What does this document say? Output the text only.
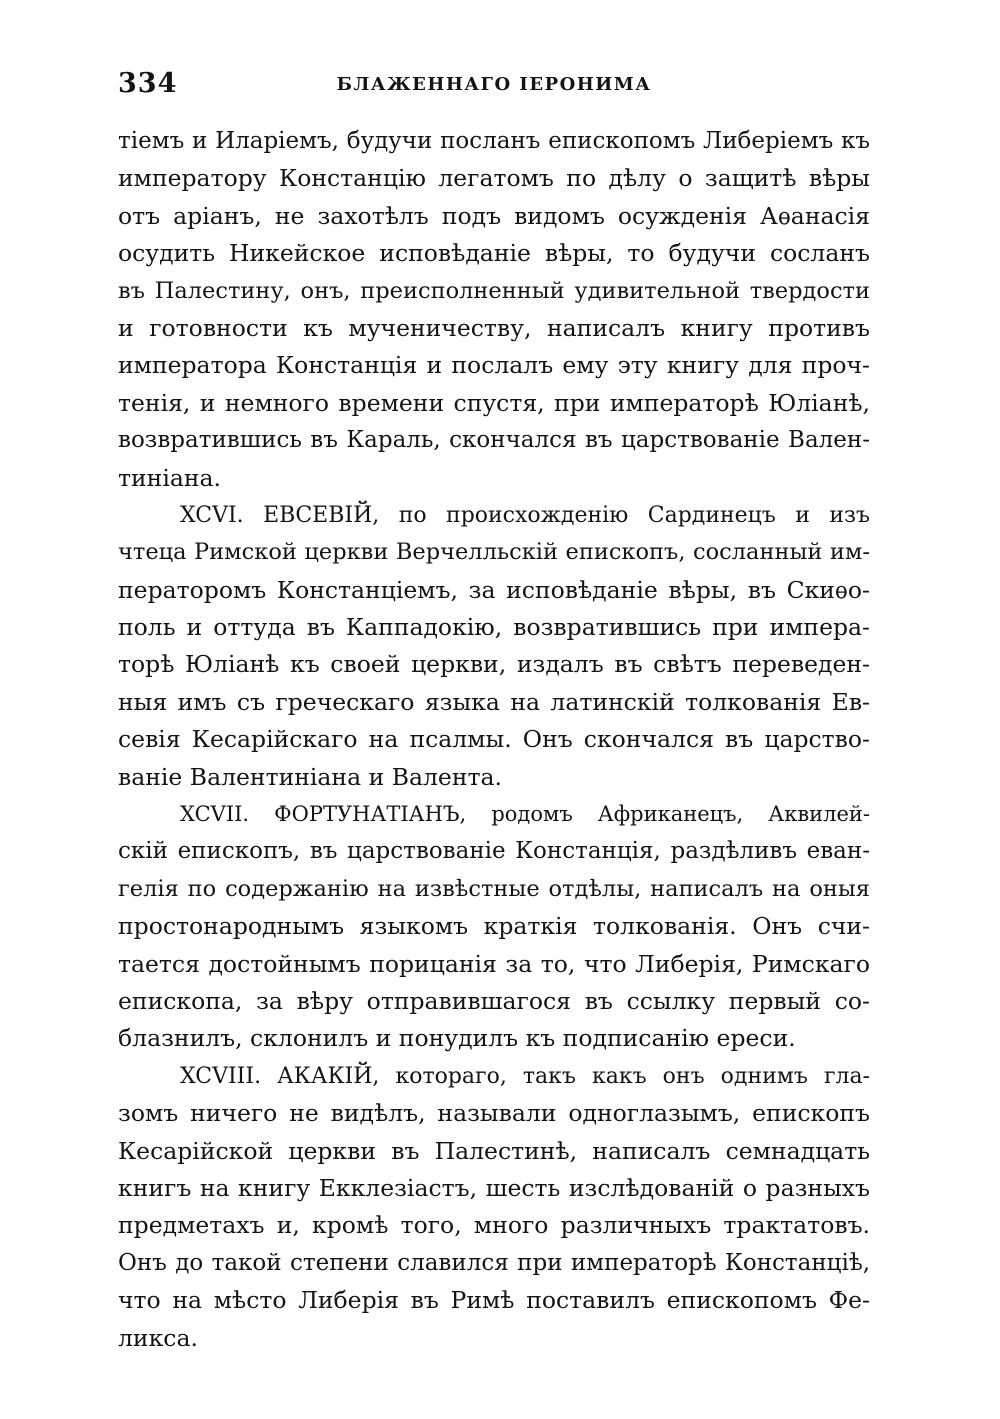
334	БЛАЖЕННАГО ІЕРОНИМА
тіемъ и Иларіемъ, будучи посланъ епископомъ Либеріемъ къ
императору Констанцію легатомъ по дѣлу о защитѣ вѣры
отъ аріанъ, не захотѣлъ подъ видомъ осужденія Аѳанасія
осудить Никейское исповѣданіе вѣры, то будучи сосланъ
въ Палестину, онъ, преисполненный удивительной твердости
и готовности къ мученичеству, написалъ книгу противъ
императора Констанція и послалъ ему эту книгу для проч-
тенія, и немного времени спустя, при императорѣ Юліанѣ,
возвратившись въ Караль, скончался въ царствованіе Вален-
тиніана.
XCVI. ЕВСЕВІЙ, по происхожденію Сардинецъ и изъ
чтеца Римской церкви Верчелльскій епископъ, сосланный им-
ператоромъ Констанціемъ, за исповѣданіе вѣры, въ Скиѳо-
поль и оттуда въ Каппадокію, возвратившись при импера-
торѣ Юліанѣ къ своей церкви, издалъ въ свѣтъ переведен-
ныя имъ съ греческаго языка на латинскій толкованія Ев-
севія Кесарійскаго на псалмы. Онъ скончался въ царство-
ваніе Валентиніана и Валента.
XCVII. ФОРТУНАТІАНЪ, родомъ Африканецъ, Аквилей-
скій епископъ, въ царствованіе Констанція, раздѣливъ еван-
гелія по содержанію на извѣстные отдѣлы, написалъ на оныя
простонароднымъ языкомъ краткія толкованія. Онъ счи-
тается достойнымъ порицанія за то, что Либерія, Римскаго
епископа, за вѣру отправившагося въ ссылку первый со-
блазнилъ, склонилъ и понудилъ къ подписанію ереси.
XCVIII. АКАКІЙ, котораго, такъ какъ онъ однимъ гла-
зомъ ничего не видѣлъ, называли одноглазымъ, епископъ
Кесарійской церкви въ Палестинѣ, написалъ семнадцать
книгъ на книгу Екклезіастъ, шесть изслѣдованій о разныхъ
предметахъ и, кромѣ того, много различныхъ трактатовъ.
Онъ до такой степени славился при императорѣ Констанціѣ,
что на мѣсто Либерія въ Римѣ поставилъ епископомъ Фе-
ликса.
